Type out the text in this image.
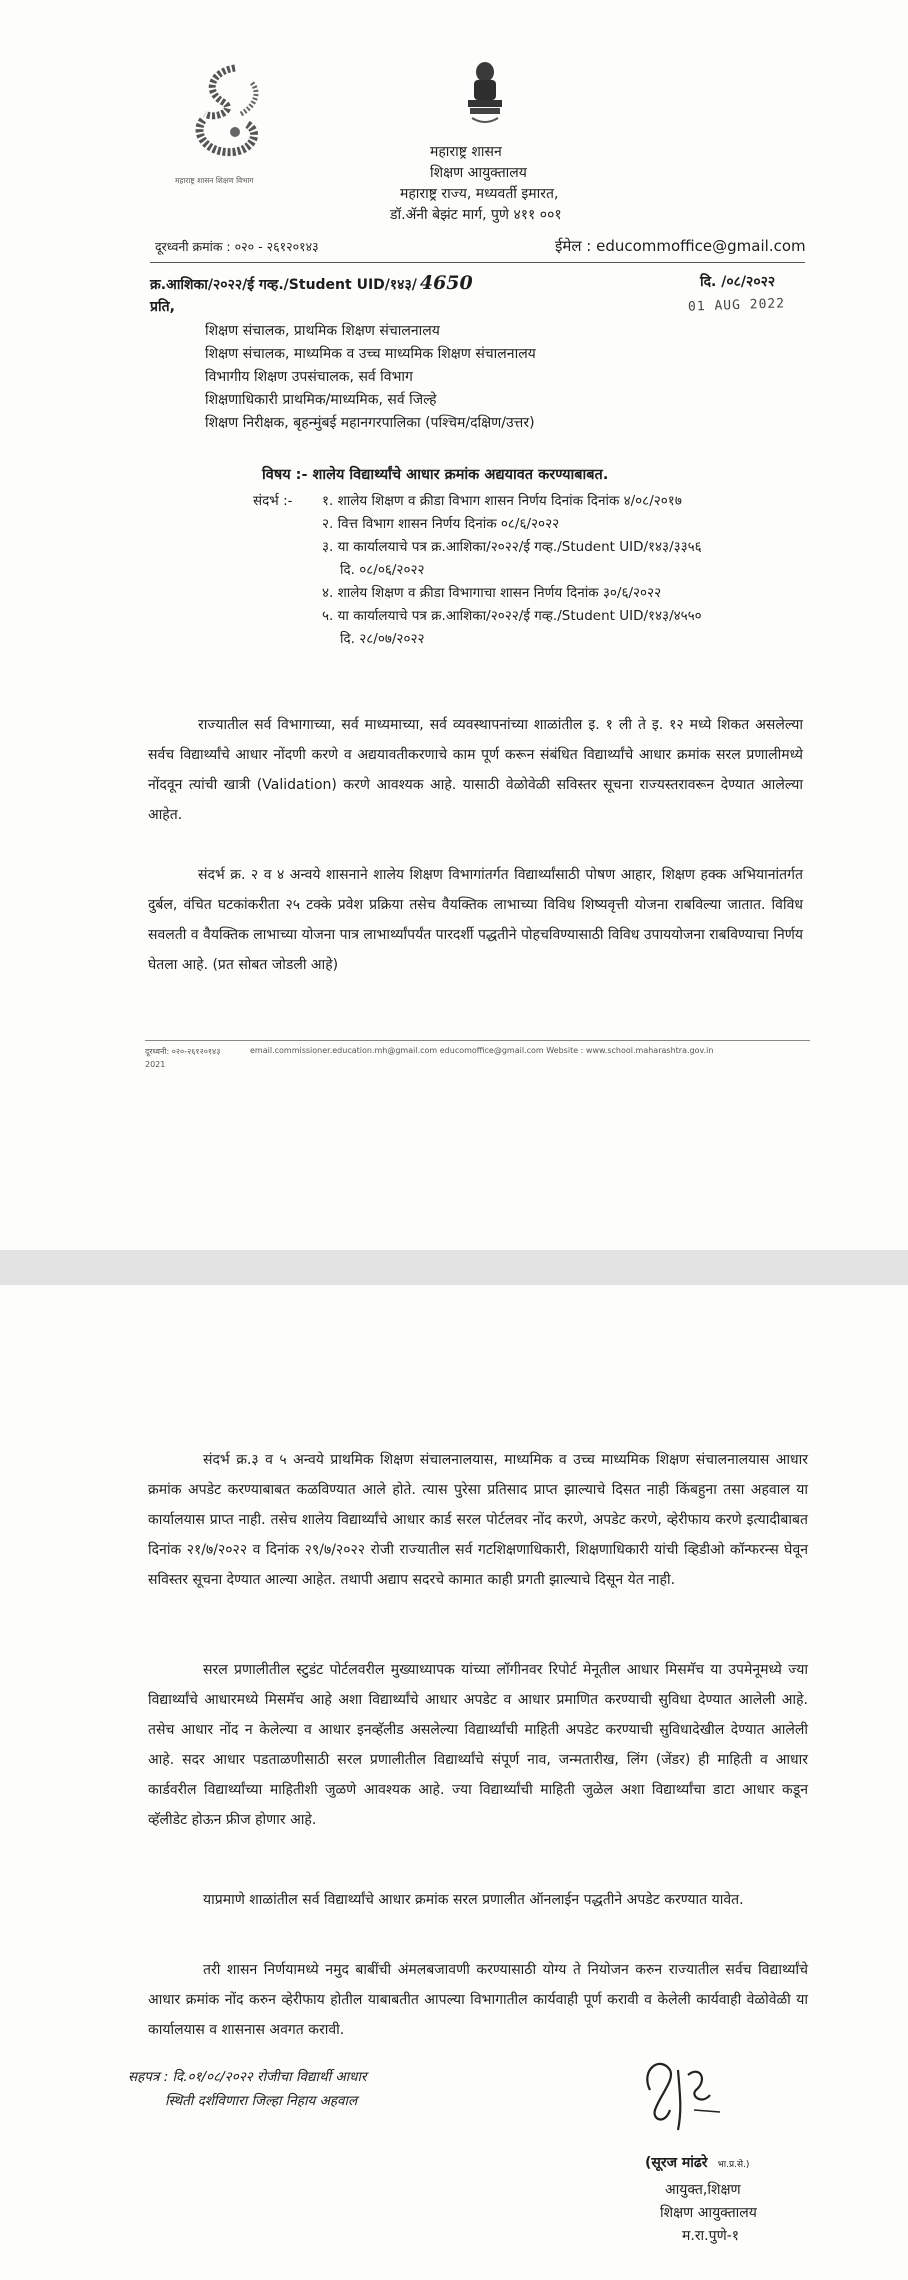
महाराष्ट्र शासन शिक्षण विभाग
महाराष्ट्र शासन
शिक्षण आयुक्तालय
महाराष्ट्र राज्य, मध्यवर्ती इमारत,
डॉ.ॲनी बेझंट मार्ग, पुणे ४११ ००१
दूरध्वनी क्रमांक : ०२० - २६१२०१४३	ईमेल : educommoffice@gmail.com
क्र.आशिका/२०२२/ई गव्ह./Student UID/१४३/ 4650	दि. /०८/२०२२
01 AUG 2022
प्रति,

शिक्षण संचालक, प्राथमिक शिक्षण संचालनालय

शिक्षण संचालक, माध्यमिक व उच्च माध्यमिक शिक्षण संचालनालय

विभागीय शिक्षण उपसंचालक, सर्व विभाग

शिक्षणाधिकारी प्राथमिक/माध्यमिक, सर्व जिल्हे

शिक्षण निरीक्षक, बृहन्मुंबई महानगरपालिका (पश्चिम/दक्षिण/उत्तर)

विषय :- शालेय विद्यार्थ्यांचे आधार क्रमांक अद्ययावत करण्याबाबत.
संदर्भ :- १. शालेय शिक्षण व क्रीडा विभाग शासन निर्णय दिनांक दिनांक ४/०८/२०१७
२. वित्त विभाग शासन निर्णय दिनांक ०८/६/२०२२
३. या कार्यालयाचे पत्र क्र.आशिका/२०२२/ई गव्ह./Student UID/१४३/३३५६
दि. ०८/०६/२०२२
४. शालेय शिक्षण व क्रीडा विभागाचा शासन निर्णय दिनांक ३०/६/२०२२
५. या कार्यालयाचे पत्र क्र.आशिका/२०२२/ई गव्ह./Student UID/१४३/४५५०
दि. २८/०७/२०२२

राज्यातील सर्व विभागाच्या, सर्व माध्यमाच्या, सर्व व्यवस्थापनांच्या शाळांतील इ. १ ली ते इ. १२ मध्ये शिकत असलेल्या सर्वच विद्यार्थ्यांचे आधार नोंदणी करणे व अद्ययावतीकरणाचे काम पूर्ण करून संबंधित विद्यार्थ्यांचे आधार क्रमांक सरल प्रणालीमध्ये नोंदवून त्यांची खात्री (Validation) करणे आवश्यक आहे. यासाठी वेळोवेळी सविस्तर सूचना राज्यस्तरावरून देण्यात आलेल्या आहेत.

संदर्भ क्र. २ व ४ अन्वये शासनाने शालेय शिक्षण विभागांतर्गत विद्यार्थ्यांसाठी पोषण आहार, शिक्षण हक्क अभियानांतर्गत दुर्बल, वंचित घटकांकरीता २५ टक्के प्रवेश प्रक्रिया तसेच वैयक्तिक लाभाच्या विविध शिष्यवृत्ती योजना राबविल्या जातात. विविध सवलती व वैयक्तिक लाभाच्या योजना पात्र लाभार्थ्यांपर्यंत पारदर्शी पद्धतीने पोहचविण्यासाठी विविध उपाययोजना राबविण्याचा निर्णय घेतला आहे. (प्रत सोबत जोडली आहे)

दूरध्वनी: ०२०-२६१२०१४३	email.commissioner.education.mh@gmail.com educomoffice@gmail.com Website : www.school.maharashtra.gov.in
2021

संदर्भ क्र.३ व ५ अन्वये प्राथमिक शिक्षण संचालनालयास, माध्यमिक व उच्च माध्यमिक शिक्षण संचालनालयास आधार क्रमांक अपडेट करण्याबाबत कळविण्यात आले होते. त्यास पुरेसा प्रतिसाद प्राप्त झाल्याचे दिसत नाही किंबहुना तसा अहवाल या कार्यालयास प्राप्त नाही. तसेच शालेय विद्यार्थ्यांचे आधार कार्ड सरल पोर्टलवर नोंद करणे, अपडेट करणे, व्हेरीफाय करणे इत्यादीबाबत दिनांक २१/७/२०२२ व दिनांक २९/७/२०२२ रोजी राज्यातील सर्व गटशिक्षणाधिकारी, शिक्षणाधिकारी यांची व्हिडीओ कॉन्फरन्स घेवून सविस्तर सूचना देण्यात आल्या आहेत. तथापी अद्याप सदरचे कामात काही प्रगती झाल्याचे दिसून येत नाही.

सरल प्रणालीतील स्टुडंट पोर्टलवरील मुख्याध्यापक यांच्या लॉगीनवर रिपोर्ट मेनूतील आधार मिसमॅच या उपमेनूमध्ये ज्या विद्यार्थ्यांचे आधारमध्ये मिसमॅच आहे अशा विद्यार्थ्यांचे आधार अपडेट व आधार प्रमाणित करण्याची सुविधा देण्यात आलेली आहे. तसेच आधार नोंद न केलेल्या व आधार इनव्हॅलीड असलेल्या विद्यार्थ्यांची माहिती अपडेट करण्याची सुविधादेखील देण्यात आलेली आहे. सदर आधार पडताळणीसाठी सरल प्रणालीतील विद्यार्थ्यांचे संपूर्ण नाव, जन्मतारीख, लिंग (जेंडर) ही माहिती व आधार कार्डवरील विद्यार्थ्यांच्या माहितीशी जुळणे आवश्यक आहे. ज्या विद्यार्थ्यांची माहिती जुळेल अशा विद्यार्थ्यांचा डाटा आधार कडून व्हॅलीडेट होऊन फ्रीज होणार आहे.

याप्रमाणे शाळांतील सर्व विद्यार्थ्यांचे आधार क्रमांक सरल प्रणालीत ऑनलाईन पद्धतीने अपडेट करण्यात यावेत.

तरी शासन निर्णयामध्ये नमुद बाबींची अंमलबजावणी करण्यासाठी योग्य ते नियोजन करुन राज्यातील सर्वच विद्यार्थ्यांचे आधार क्रमांक नोंद करुन व्हेरीफाय होतील याबाबतीत आपल्या विभागातील कार्यवाही पूर्ण करावी व केलेली कार्यवाही वेळोवेळी या कार्यालयास व शासनास अवगत करावी.

सहपत्र : दि.०१/०८/२०२२ रोजीचा विद्यार्थी आधार
स्थिती दर्शविणारा जिल्हा निहाय अहवाल
(सूरज मांढरे भा.प्र.से.)
आयुक्त,शिक्षण
शिक्षण आयुक्तालय
म.रा.पुणे-१
